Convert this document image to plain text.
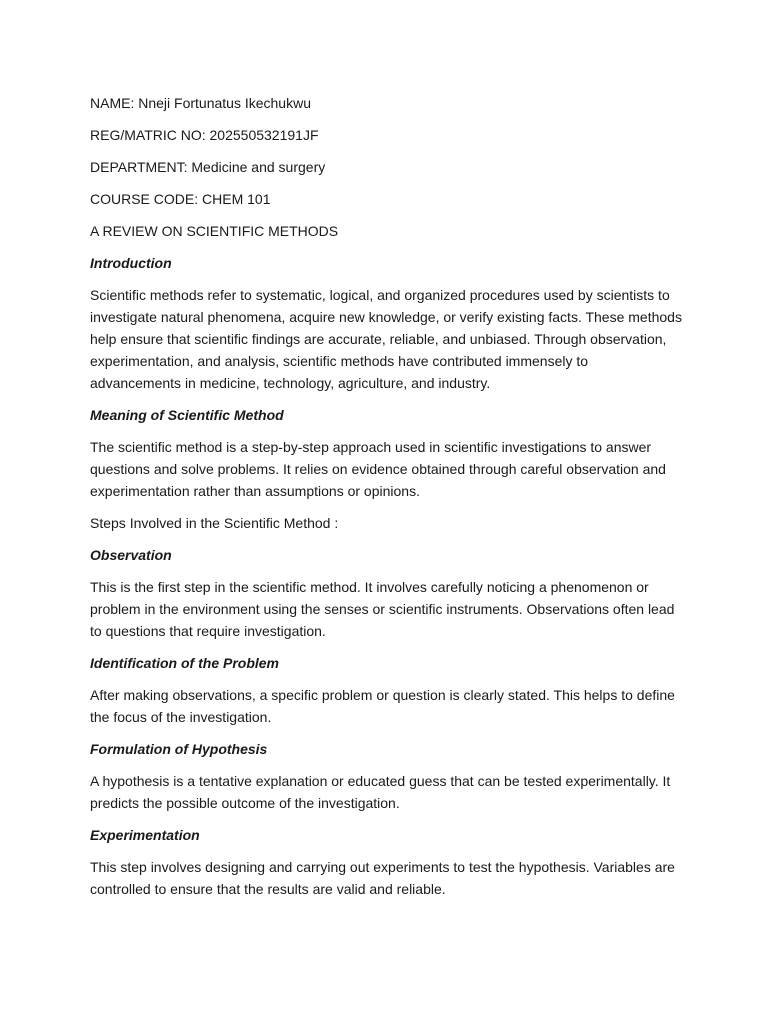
NAME: Nneji Fortunatus Ikechukwu

REG/MATRIC NO: 202550532191JF

DEPARTMENT: Medicine and surgery

COURSE CODE: CHEM 101

A REVIEW ON SCIENTIFIC METHODS

Introduction

Scientific methods refer to systematic, logical, and organized procedures used by scientists to investigate natural phenomena, acquire new knowledge, or verify existing facts. These methods help ensure that scientific findings are accurate, reliable, and unbiased. Through observation, experimentation, and analysis, scientific methods have contributed immensely to advancements in medicine, technology, agriculture, and industry.

Meaning of Scientific Method

The scientific method is a step-by-step approach used in scientific investigations to answer questions and solve problems. It relies on evidence obtained through careful observation and experimentation rather than assumptions or opinions.

Steps Involved in the Scientific Method :

Observation

This is the first step in the scientific method. It involves carefully noticing a phenomenon or problem in the environment using the senses or scientific instruments. Observations often lead to questions that require investigation.

Identification of the Problem

After making observations, a specific problem or question is clearly stated. This helps to define the focus of the investigation.

Formulation of Hypothesis

A hypothesis is a tentative explanation or educated guess that can be tested experimentally. It predicts the possible outcome of the investigation.

Experimentation

This step involves designing and carrying out experiments to test the hypothesis. Variables are controlled to ensure that the results are valid and reliable.
